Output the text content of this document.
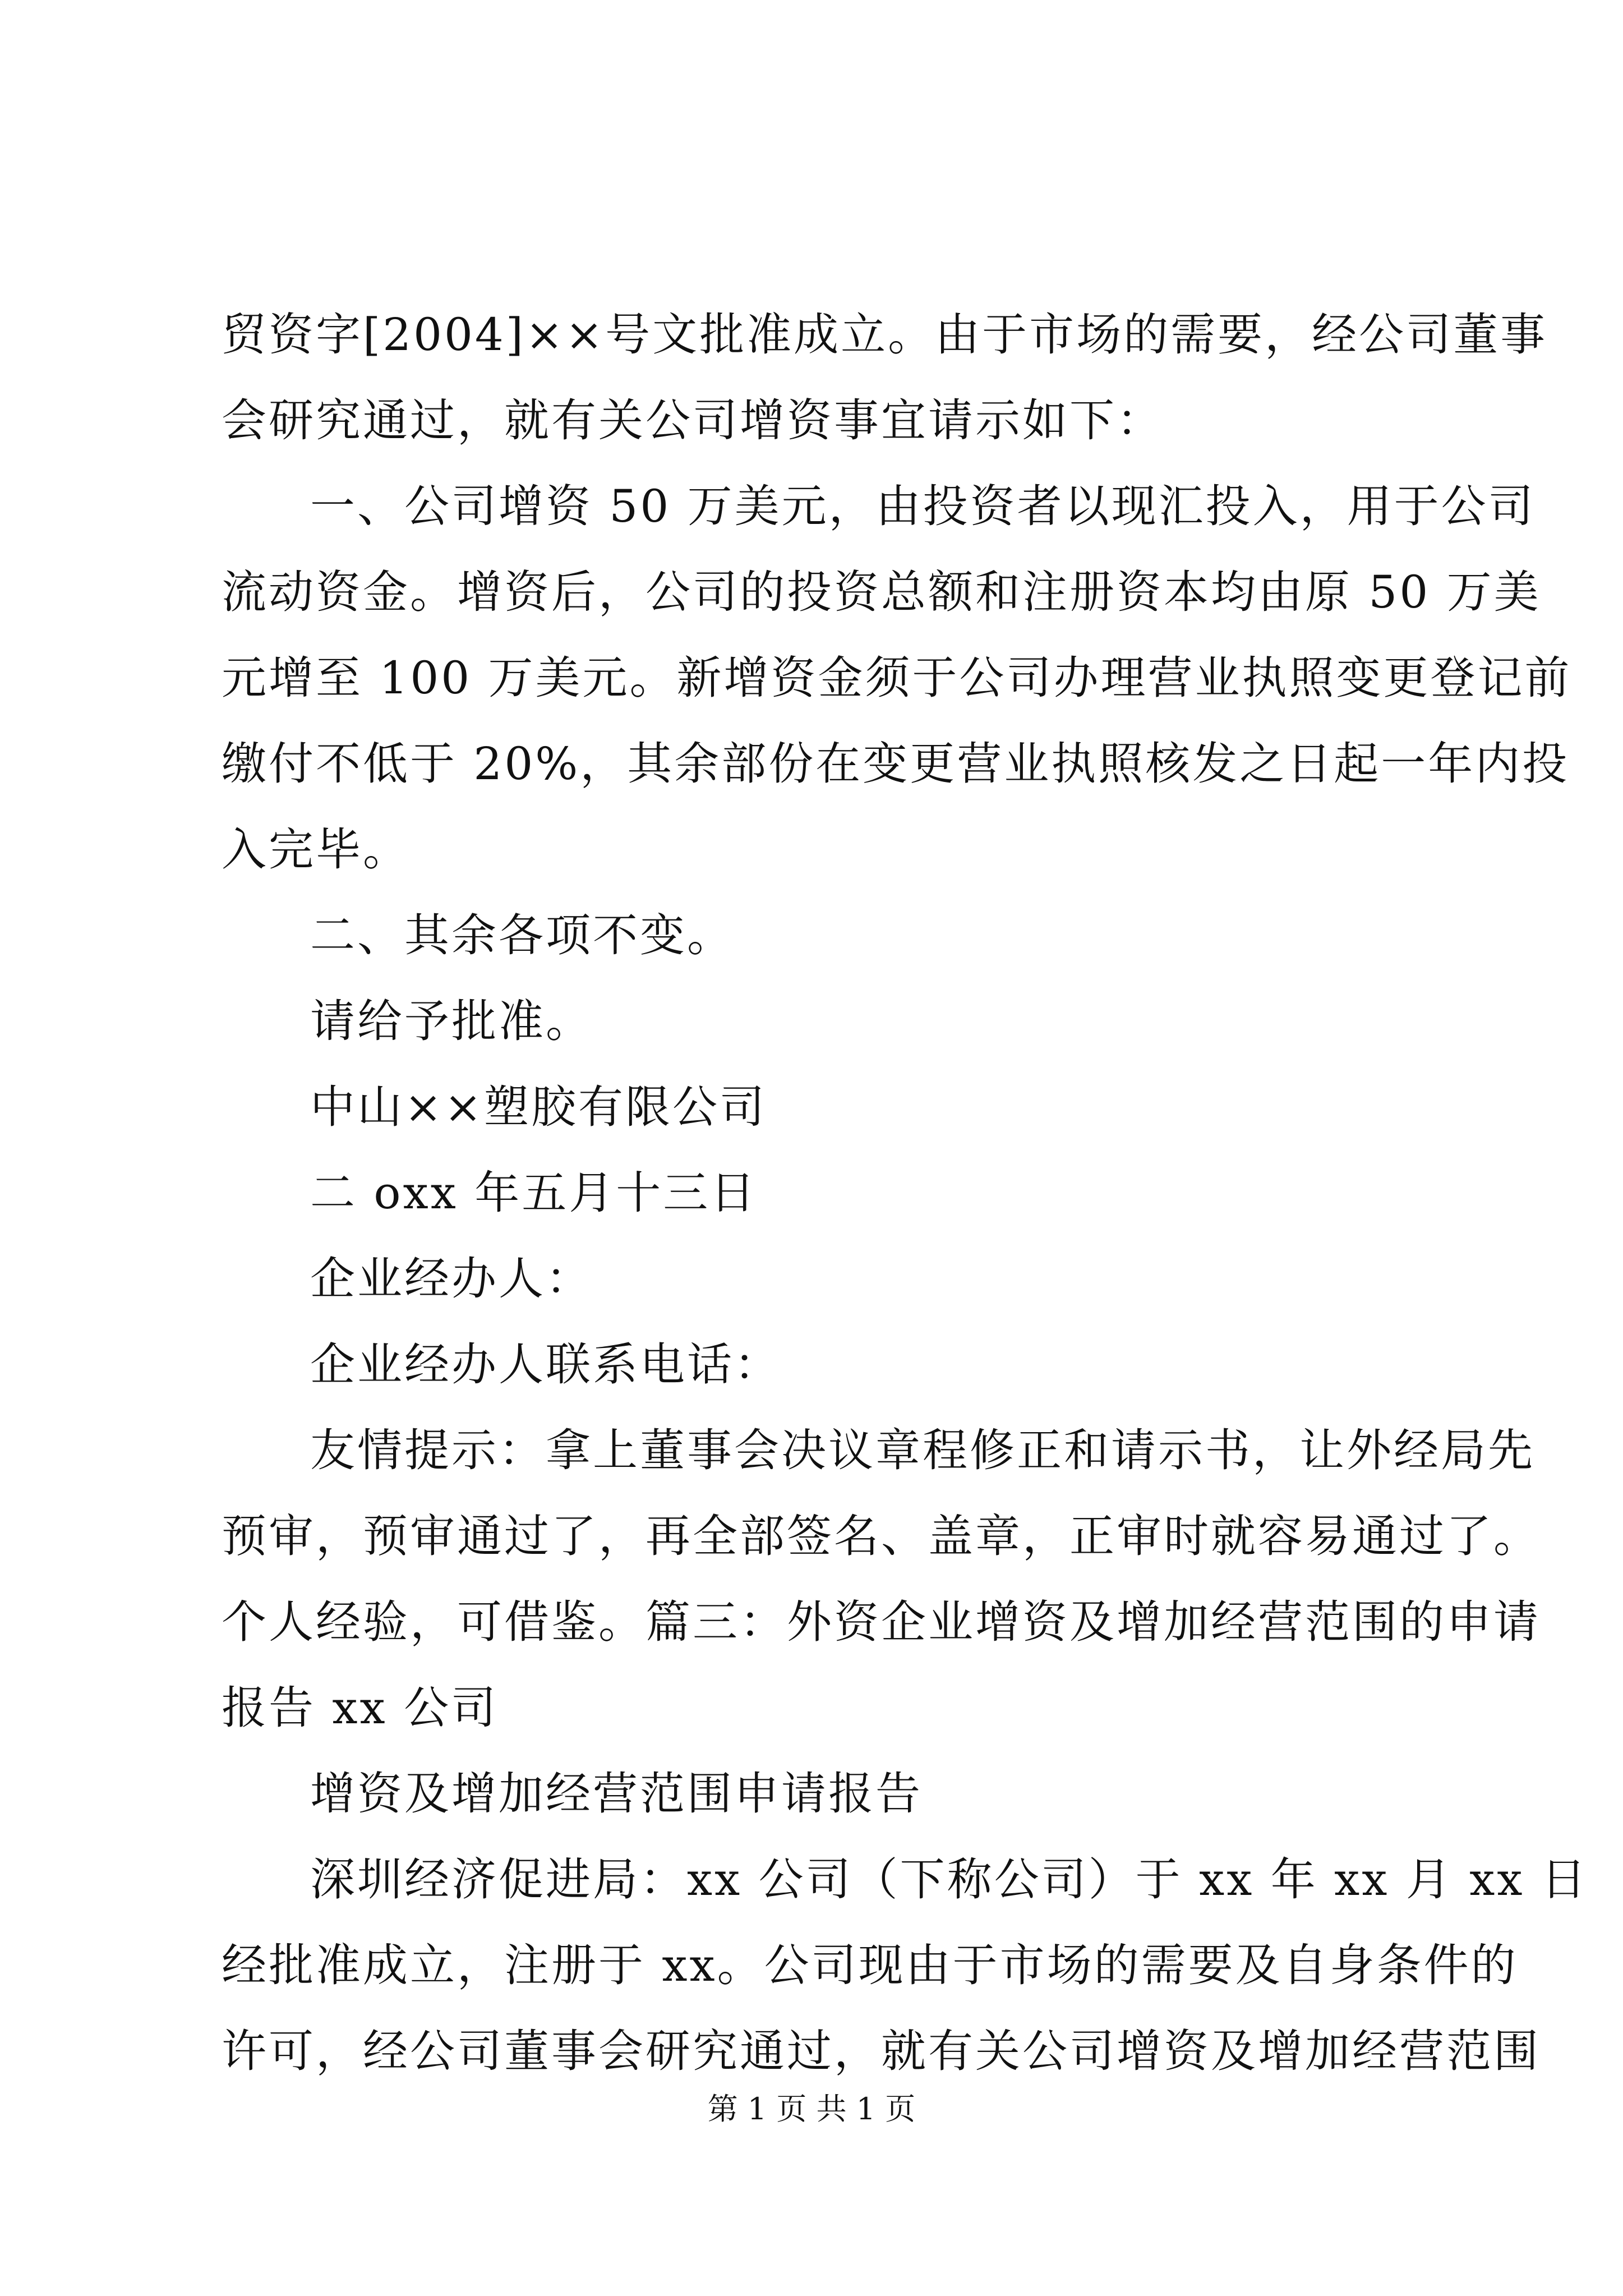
贸资字[2004]××号文批准成立。由于市场的需要，经公司董事
会研究通过，就有关公司增资事宜请示如下：
一、公司增资 50 万美元，由投资者以现汇投入，用于公司
流动资金。增资后，公司的投资总额和注册资本均由原 50 万美
元增至 100 万美元。新增资金须于公司办理营业执照变更登记前
缴付不低于 20%，其余部份在变更营业执照核发之日起一年内投
入完毕。
二、其余各项不变。
请给予批准。
中山××塑胶有限公司
二 oxx 年五月十三日
企业经办人：
企业经办人联系电话：
友情提示：拿上董事会决议章程修正和请示书，让外经局先
预审，预审通过了，再全部签名、盖章，正审时就容易通过了。
个人经验，可借鉴。篇三：外资企业增资及增加经营范围的申请
报告 xx 公司
增资及增加经营范围申请报告
深圳经济促进局：xx 公司（下称公司）于 xx 年 xx 月 xx 日
经批准成立，注册于 xx。公司现由于市场的需要及自身条件的
许可，经公司董事会研究通过，就有关公司增资及增加经营范围
第 1 页 共 1 页
